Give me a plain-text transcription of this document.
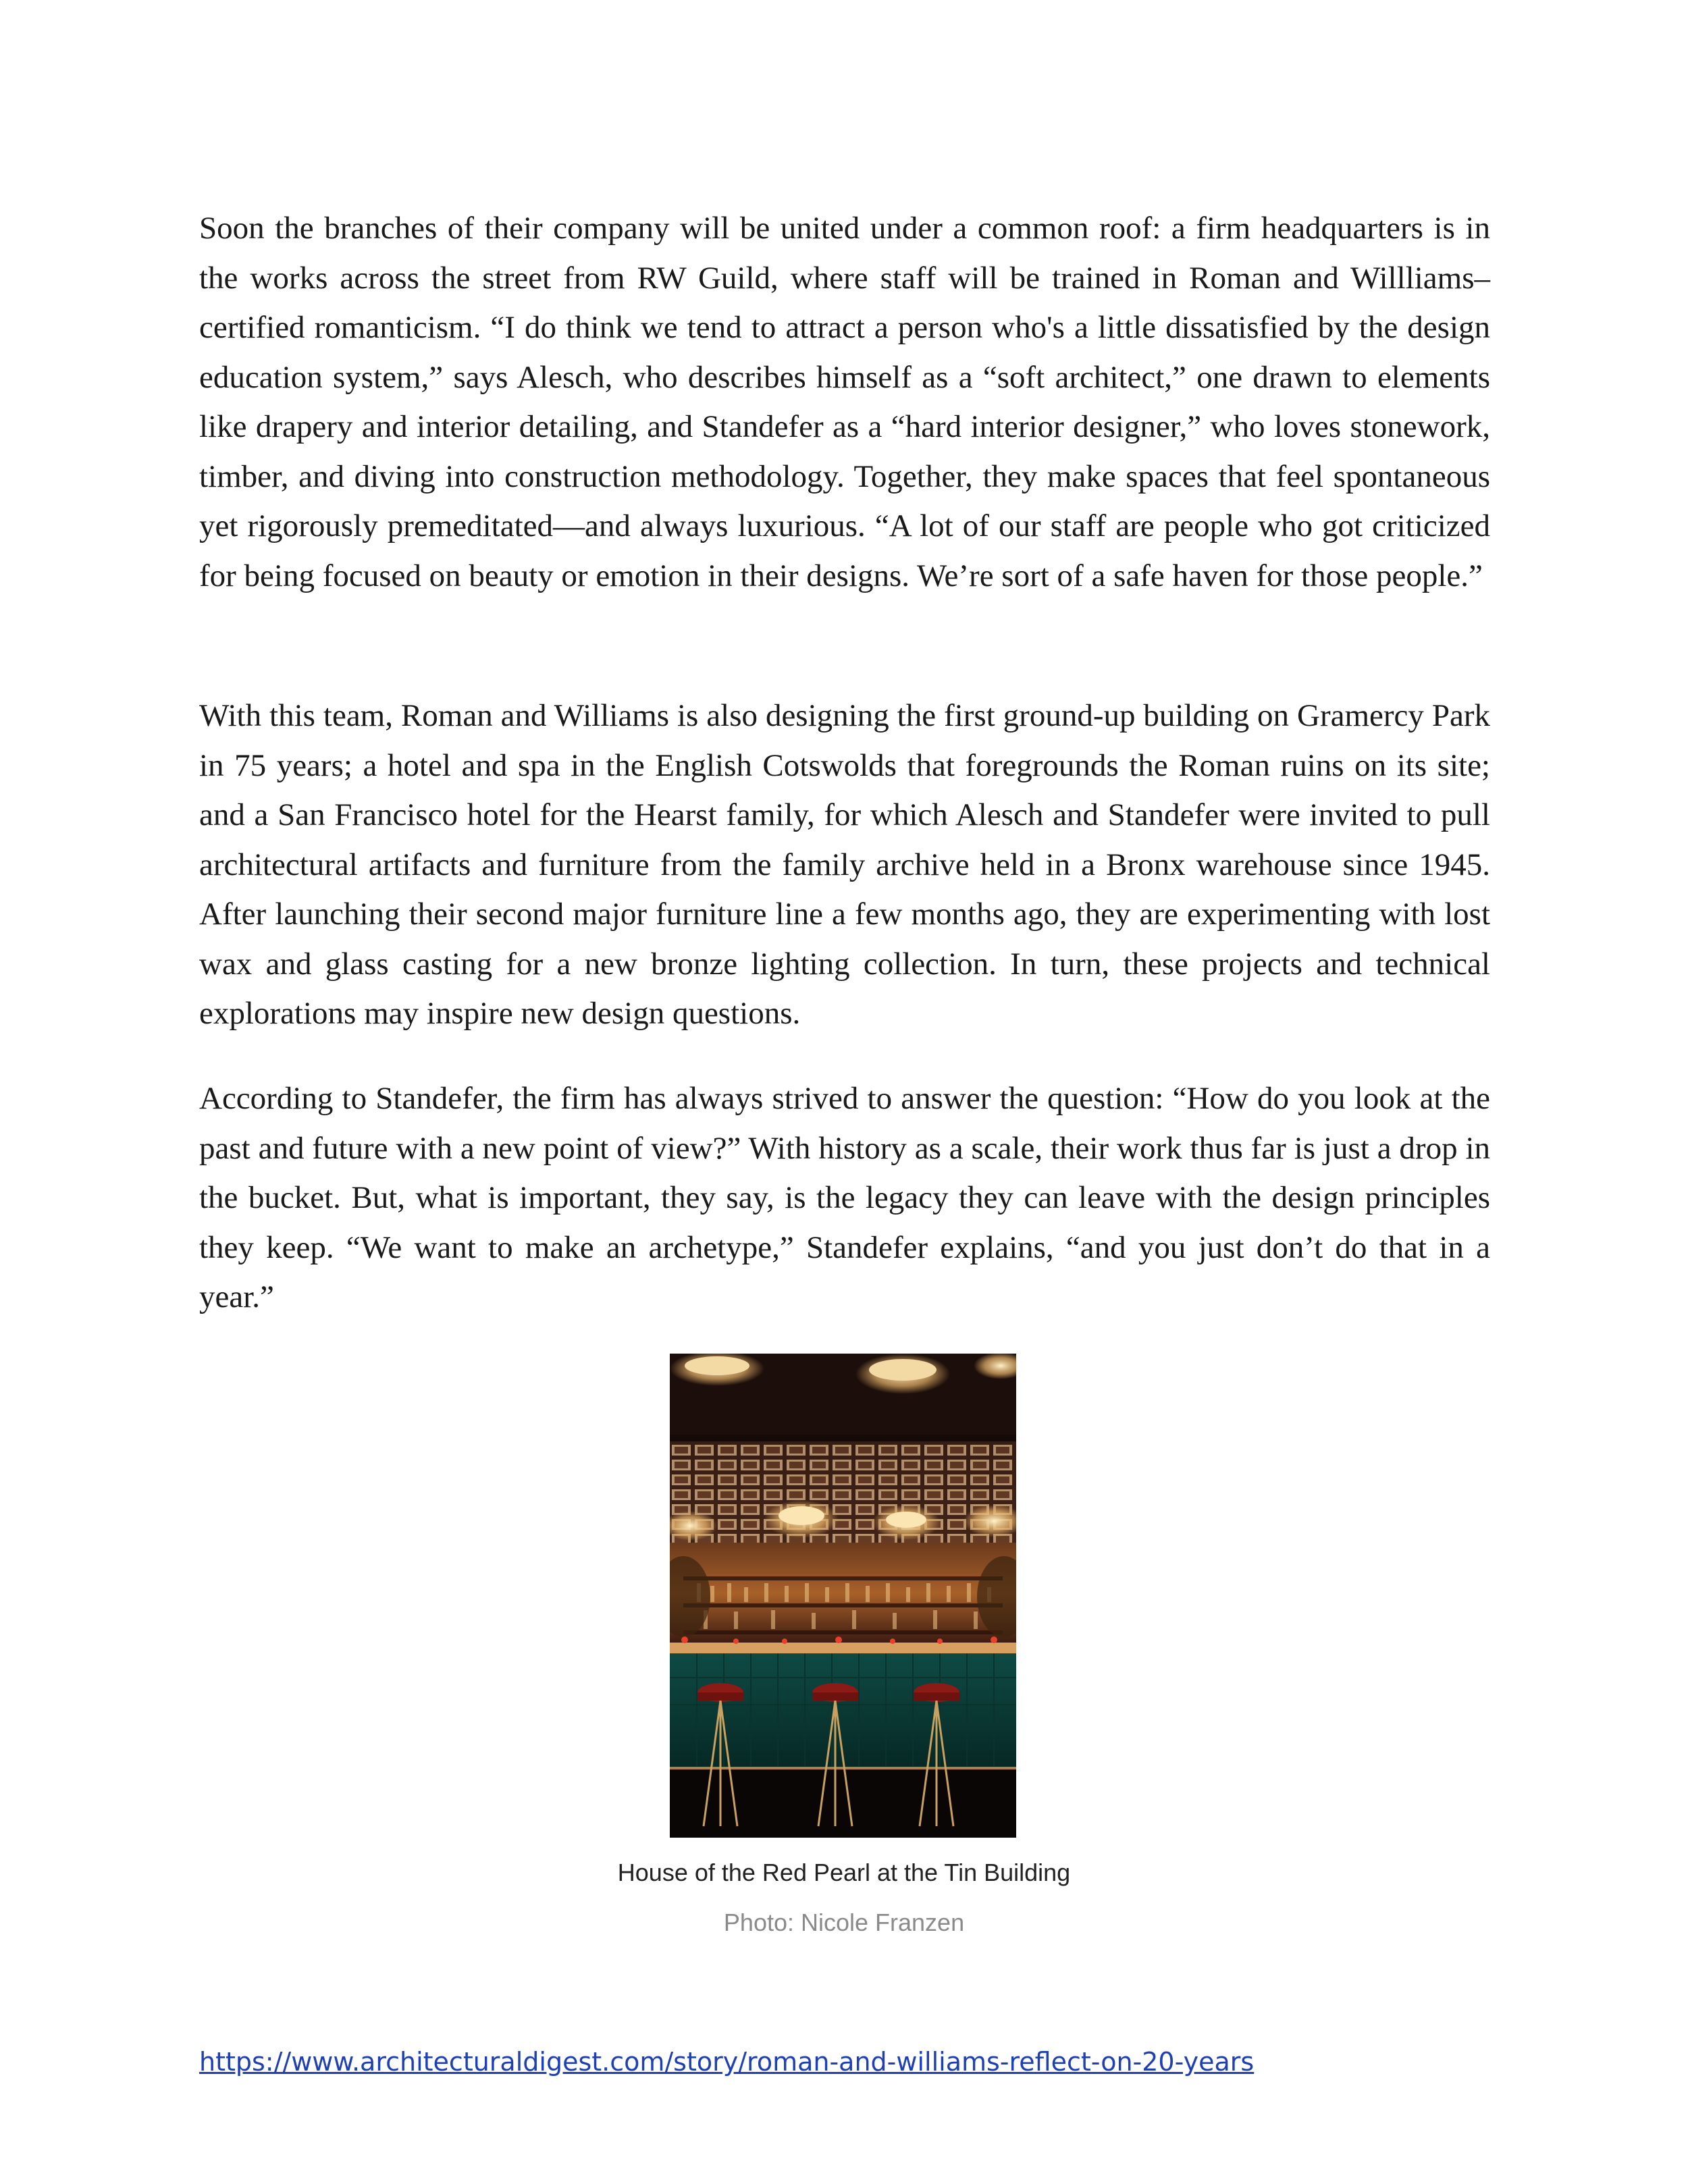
Soon the branches of their company will be united under a common roof: a firm headquarters is in the works across the street from RW Guild, where staff will be trained in Roman and Willliams–certified romanticism. “I do think we tend to attract a person who's a little dissatisfied by the design education system,” says Alesch, who describes himself as a “soft architect,” one drawn to elements like drapery and interior detailing, and Standefer as a “hard interior designer,” who loves stonework, timber, and diving into construction methodology. Together, they make spaces that feel spontaneous yet rigorously premeditated—and always luxurious. “A lot of our staff are people who got criticized for being focused on beauty or emotion in their designs. We’re sort of a safe haven for those people.”

With this team, Roman and Williams is also designing the first ground-up building on Gramercy Park in 75 years; a hotel and spa in the English Cotswolds that foregrounds the Roman ruins on its site; and a San Francisco hotel for the Hearst family, for which Alesch and Standefer were invited to pull architectural artifacts and furniture from the family archive held in a Bronx warehouse since 1945. After launching their second major furniture line a few months ago, they are experimenting with lost wax and glass casting for a new bronze lighting collection. In turn, these projects and technical explorations may inspire new design questions.

According to Standefer, the firm has always strived to answer the question: “How do you look at the past and future with a new point of view?” With history as a scale, their work thus far is just a drop in the bucket. But, what is important, they say, is the legacy they can leave with the design principles they keep. “We want to make an archetype,” Standefer explains, “and you just don’t do that in a year.”

House of the Red Pearl at the Tin Building

Photo: Nicole Franzen

https://www.architecturaldigest.com/story/roman-and-williams-reflect-on-20-years
